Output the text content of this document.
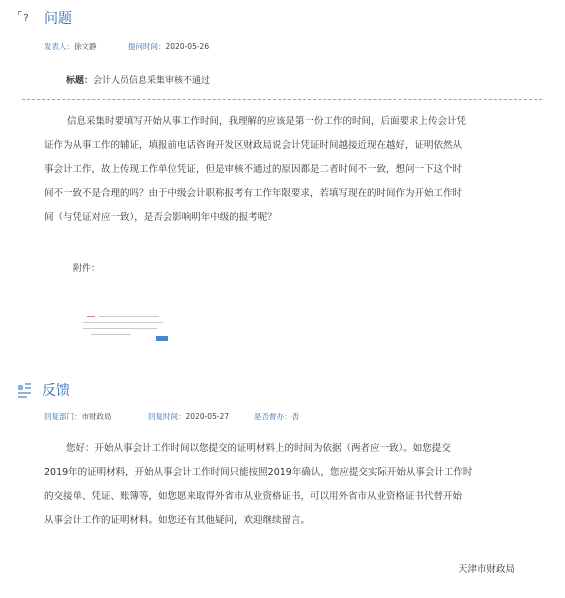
?	问题
发表人：徐文静	提问时间：2020-05-26
标题：会计人员信息采集审核不通过
信息采集时要填写开始从事工作时间，我理解的应该是第一份工作的时间，后面要求上传会计凭
证作为从事工作的辅证，填报前电话咨询开发区财政局说会计凭证时间越接近现在越好，证明依然从
事会计工作，故上传现工作单位凭证，但是审核不通过的原因都是二者时间不一致，想问一下这个时
间不一致不是合理的吗？由于中级会计职称报考有工作年限要求，若填写现在的时间作为开始工作时
间（与凭证对应一致），是否会影响明年中级的报考呢？
附件：
反馈
回复部门：市财政局	回复时间：2020-05-27	是否督办：否
您好：开始从事会计工作时间以您提交的证明材料上的时间为依据（两者应一致）。如您提交
2019年的证明材料，开始从事会计工作时间只能按照2019年确认，您应提交实际开始从事会计工作时
的交接单、凭证、账簿等，如您愿来取得外省市从业资格证书，可以用外省市从业资格证书代替开始
从事会计工作的证明材料。如您还有其他疑问，欢迎继续留言。
天津市财政局
